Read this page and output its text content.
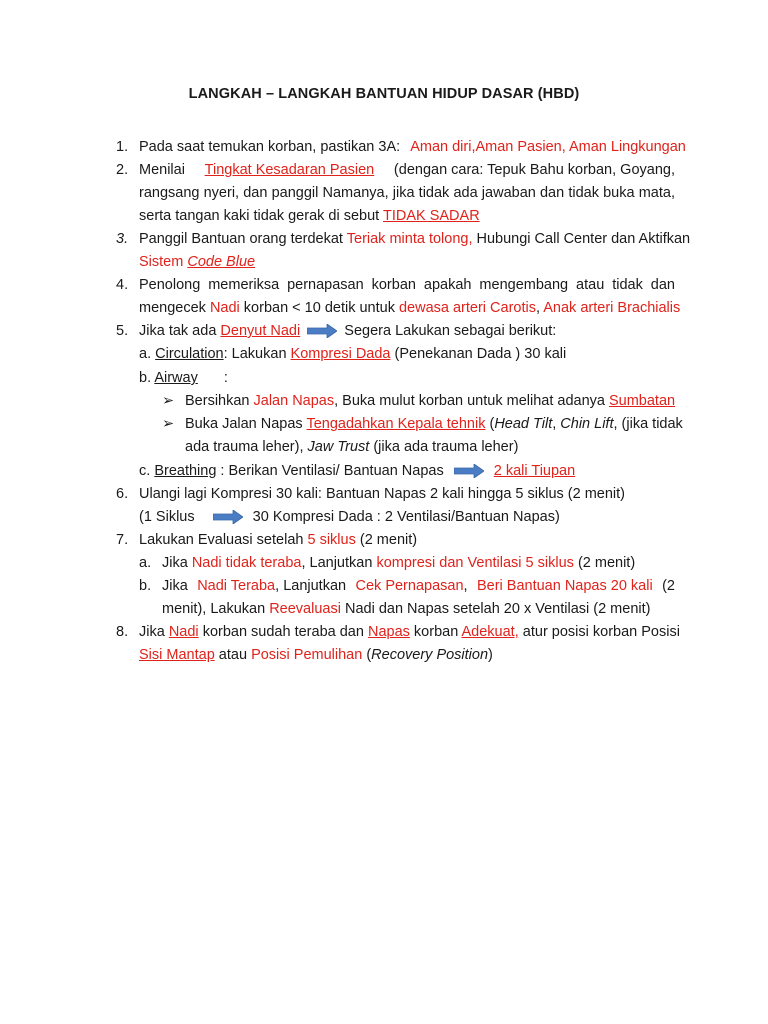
LANGKAH – LANGKAH BANTUAN HIDUP DASAR (HBD)
1. Pada saat temukan korban, pastikan 3A: Aman diri,Aman Pasien, Aman Lingkungan
2. Menilai Tingkat Kesadaran Pasien (dengan cara: Tepuk Bahu korban, Goyang,
rangsang nyeri, dan panggil Namanya, jika tidak ada jawaban dan tidak buka mata,
serta tangan kaki tidak gerak di sebut TIDAK SADAR
3. Panggil Bantuan orang terdekat Teriak minta tolong, Hubungi Call Center dan Aktifkan
Sistem Code Blue
4. Penolong memeriksa pernapasan korban apakah mengembang atau tidak dan
mengecek Nadi korban < 10 detik untuk dewasa arteri Carotis, Anak arteri Brachialis
5. Jika tak ada Denyut Nadi	Segera Lakukan sebagai berikut:
a. Circulation: Lakukan Kompresi Dada (Penekanan Dada ) 30 kali
b. Airway :
➢ Bersihkan Jalan Napas, Buka mulut korban untuk melihat adanya Sumbatan
➢ Buka Jalan Napas Tengadahkan Kepala tehnik (Head Tilt, Chin Lift, (jika tidak
ada trauma leher), Jaw Trust (jika ada trauma leher)
c. Breathing : Berikan Ventilasi/ Bantuan Napas	2 kali Tiupan
6. Ulangi lagi Kompresi 30 kali: Bantuan Napas 2 kali hingga 5 siklus (2 menit)
(1 Siklus	30 Kompresi Dada : 2 Ventilasi/Bantuan Napas)
7. Lakukan Evaluasi setelah 5 siklus (2 menit)
a. Jika Nadi tidak teraba, Lanjutkan kompresi dan Ventilasi 5 siklus (2 menit)
b. Jika Nadi Teraba, Lanjutkan Cek Pernapasan, Beri Bantuan Napas 20 kali (2
menit), Lakukan Reevaluasi Nadi dan Napas setelah 20 x Ventilasi (2 menit)
8. Jika Nadi korban sudah teraba dan Napas korban Adekuat, atur posisi korban Posisi
Sisi Mantap atau Posisi Pemulihan (Recovery Position)
